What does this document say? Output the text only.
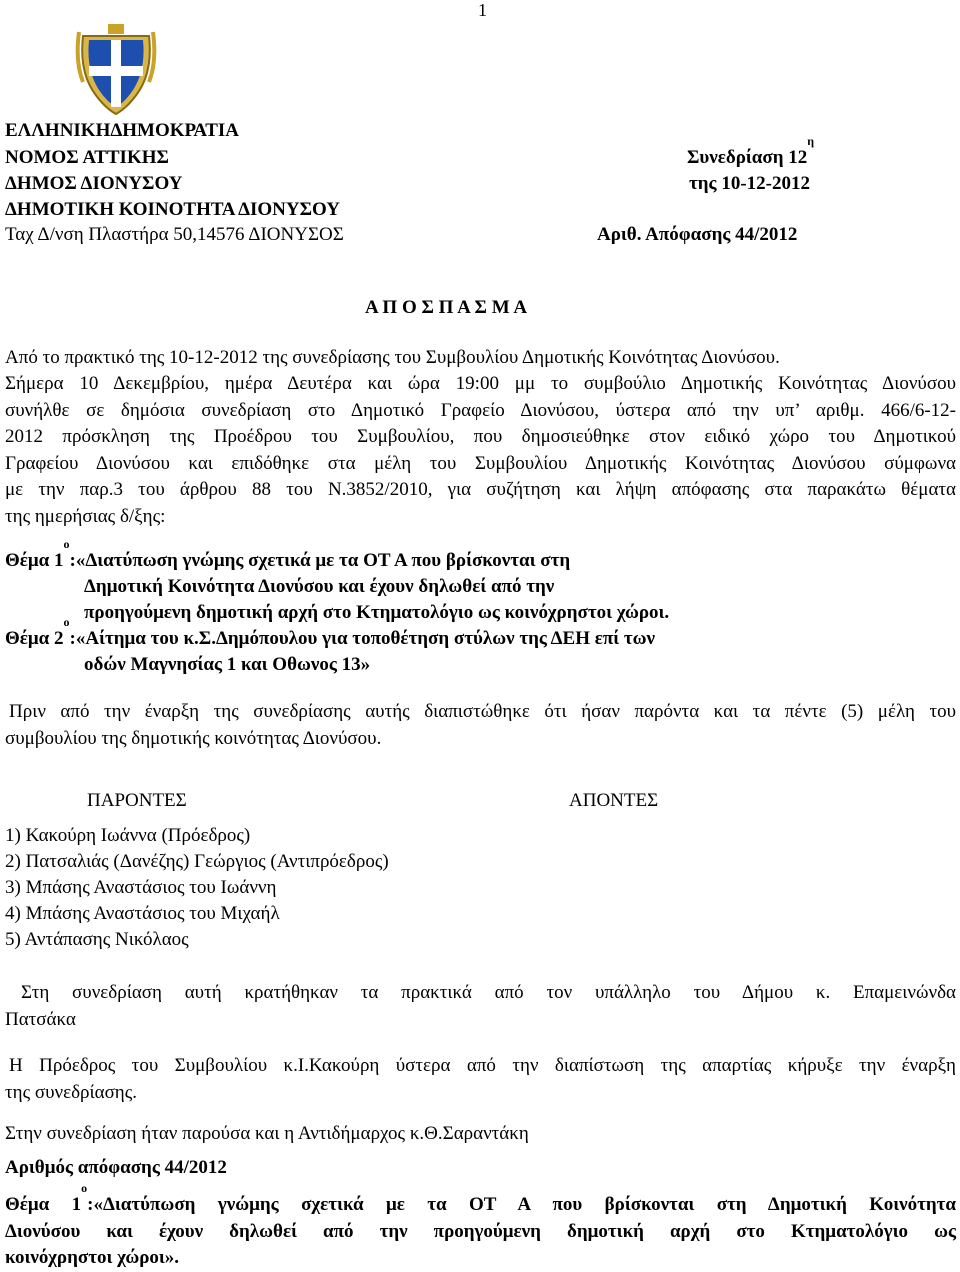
1
ΕΛΛΗΝΙΚΗΔΗΜΟΚΡΑΤΙΑ
ΝΟΜΟΣ ΑΤΤΙΚΗΣ
ΔΗΜΟΣ ΔΙΟΝΥΣΟΥ
ΔΗΜΟΤΙΚΗ ΚΟΙΝΟΤΗΤΑ ΔΙΟΝΥΣΟΥ
Ταχ Δ/νση Πλαστήρα 50,14576 ΔΙΟΝΥΣΟΣ
Συνεδρίαση $12^\eta$
της 10-12-2012
Αριθ. Απόφασης 44/2012
Α Π Ο Σ Π Α Σ Μ Α
Από το πρακτικό της 10-12-2012 της συνεδρίασης του Συμβουλίου Δημοτικής Κοινότητας Διονύσου.
Σήμερα 10 Δεκεμβρίου, ημέρα Δευτέρα και ώρα 19:00 μμ το συμβούλιο Δημοτικής Κοινότητας Διονύσου
συνήλθε σε δημόσια συνεδρίαση στο Δημοτικό Γραφείο Διονύσου, ύστερα από την υπ’ αριθμ. 466/6-12-
2012 πρόσκληση της Προέδρου του Συμβουλίου, που δημοσιεύθηκε στον ειδικό χώρο του Δημοτικού
Γραφείου Διονύσου και επιδόθηκε στα μέλη του Συμβουλίου Δημοτικής Κοινότητας Διονύσου σύμφωνα
με την παρ.3 του άρθρου 88 του Ν.3852/2010, για συζήτηση και λήψη απόφασης στα παρακάτω θέματα
της ημερήσιας δ/ξης:
Θέμα $1^o:«\Delta\iota\alpha\tau ύ\pi\omega\sigma\eta$ γνώμης σχετικά με τα ΟΤ Α που βρίσκονται στη
Δημοτική Κοινότητα Διονύσου και έχουν δηλωθεί από την
προηγούμενη δημοτική αρχή στο Κτηματολόγιο ως κοινόχρηστοι χώροι.
Θέμα $2^o:«Aί\tau\eta\mu\alpha$ του κ.Σ.Δημόπουλου για τοποθέτηση στύλων της ΔΕΗ επί των
οδών Μαγνησίας 1 και Οθωνος 13»
Πριν από την έναρξη της συνεδρίασης αυτής διαπιστώθηκε ότι ήσαν παρόντα και τα πέντε (5) μέλη του
συμβουλίου της δημοτικής κοινότητας Διονύσου.
ΠΑΡΟΝΤΕΣ	ΑΠΟΝΤΕΣ
1) Κακούρη Ιωάννα (Πρόεδρος)
2) Πατσαλιάς (Δανέζης) Γεώργιος (Αντιπρόεδρος)
3) Μπάσης Αναστάσιος του Ιωάννη
4) Μπάσης Αναστάσιος του Μιχαήλ
5) Αντάπασης Νικόλαος
Στη συνεδρίαση αυτή κρατήθηκαν τα πρακτικά από τον υπάλληλο του Δήμου κ. Επαμεινώνδα
Πατσάκα
Η Πρόεδρος του Συμβουλίου κ.Ι.Κακούρη ύστερα από την διαπίστωση της απαρτίας κήρυξε την έναρξη
της συνεδρίασης.
Στην συνεδρίαση ήταν παρούσα και η Αντιδήμαρχος κ.Θ.Σαραντάκη
Αριθμός απόφασης 44/2012
Θέμα $1^o:«\Delta\iota\alpha\tau ύ\pi\omega\sigma\eta$ γνώμης σχετικά με τα ΟΤ Α που βρίσκονται στη Δημοτική Κοινότητα
Διονύσου και έχουν δηλωθεί από την προηγούμενη δημοτική αρχή στο Κτηματολόγιο ως
κοινόχρηστοι χώροι».
